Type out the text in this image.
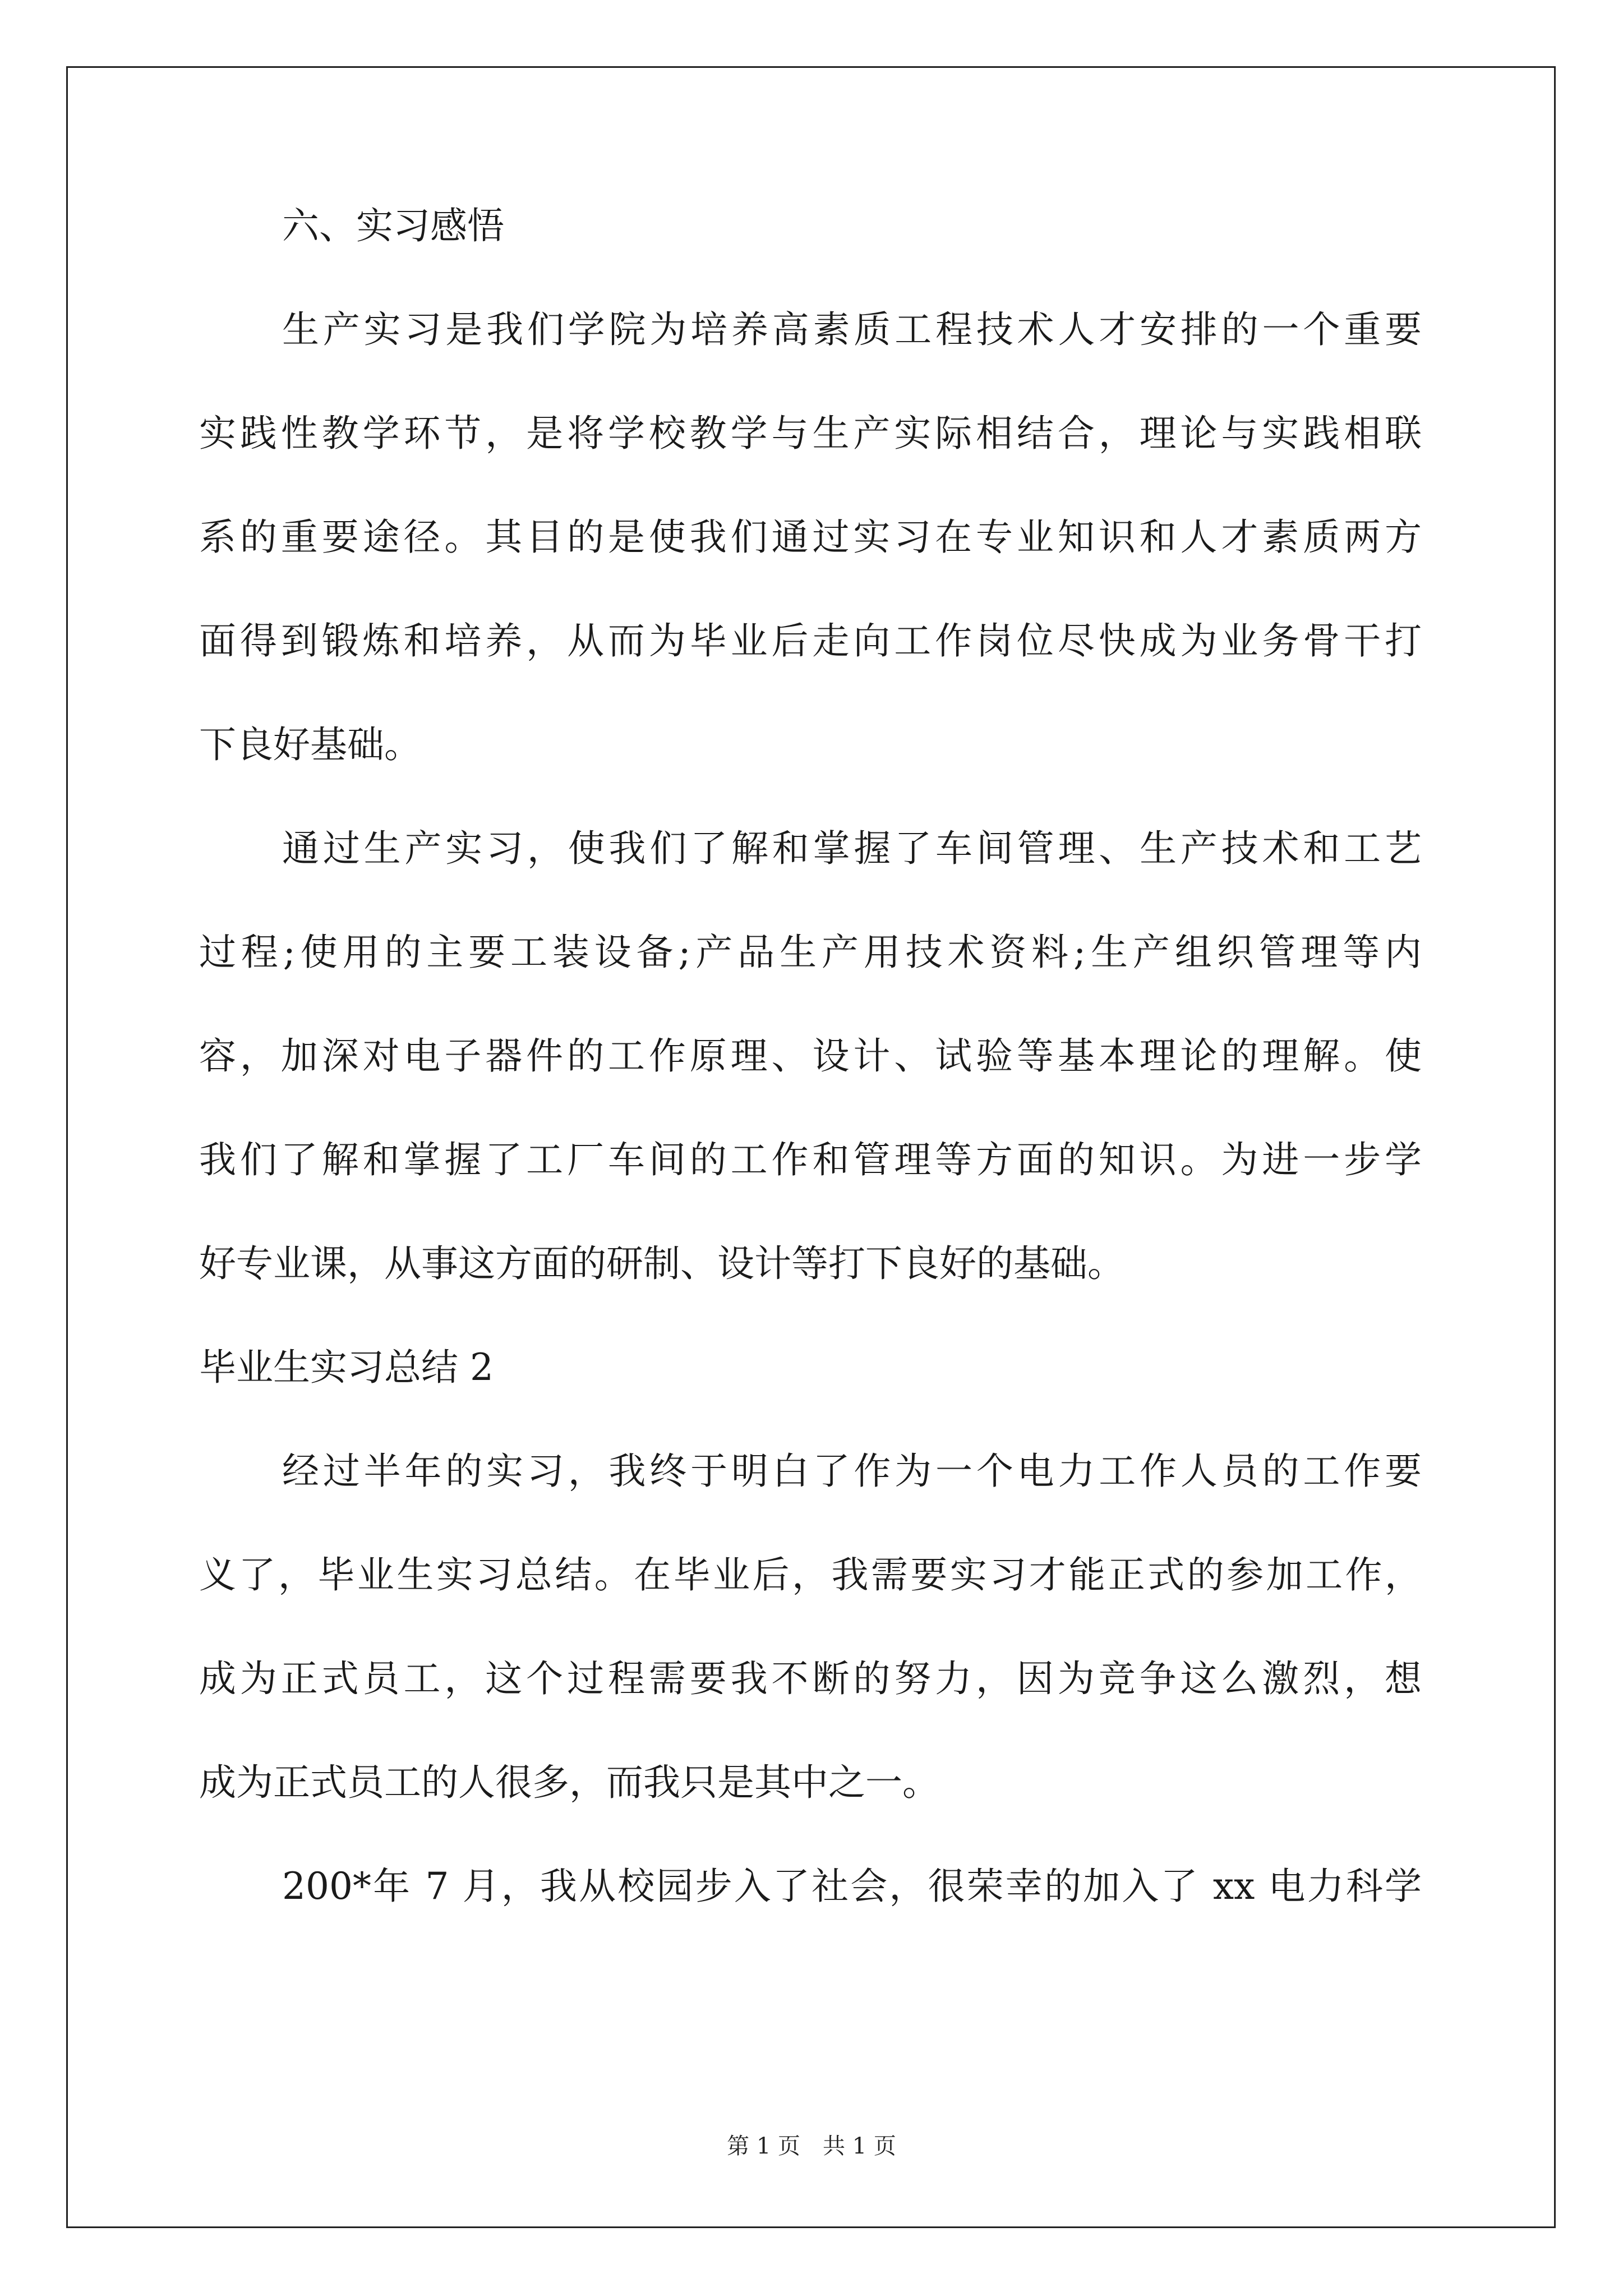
六、实习感悟
生产实习是我们学院为培养高素质工程技术人才安排的一个重要
实践性教学环节，是将学校教学与生产实际相结合，理论与实践相联
系的重要途径。其目的是使我们通过实习在专业知识和人才素质两方
面得到锻炼和培养，从而为毕业后走向工作岗位尽快成为业务骨干打
下良好基础。
通过生产实习，使我们了解和掌握了车间管理、生产技术和工艺
过程;使用的主要工装设备;产品生产用技术资料;生产组织管理等内
容，加深对电子器件的工作原理、设计、试验等基本理论的理解。使
我们了解和掌握了工厂车间的工作和管理等方面的知识。为进一步学
好专业课，从事这方面的研制、设计等打下良好的基础。
毕业生实习总结 2
经过半年的实习，我终于明白了作为一个电力工作人员的工作要
义了，毕业生实习总结。在毕业后，我需要实习才能正式的参加工作，
成为正式员工，这个过程需要我不断的努力，因为竞争这么激烈，想
成为正式员工的人很多，而我只是其中之一。
200*年 7 月，我从校园步入了社会，很荣幸的加入了 xx 电力科学
第 1 页　共 1 页
